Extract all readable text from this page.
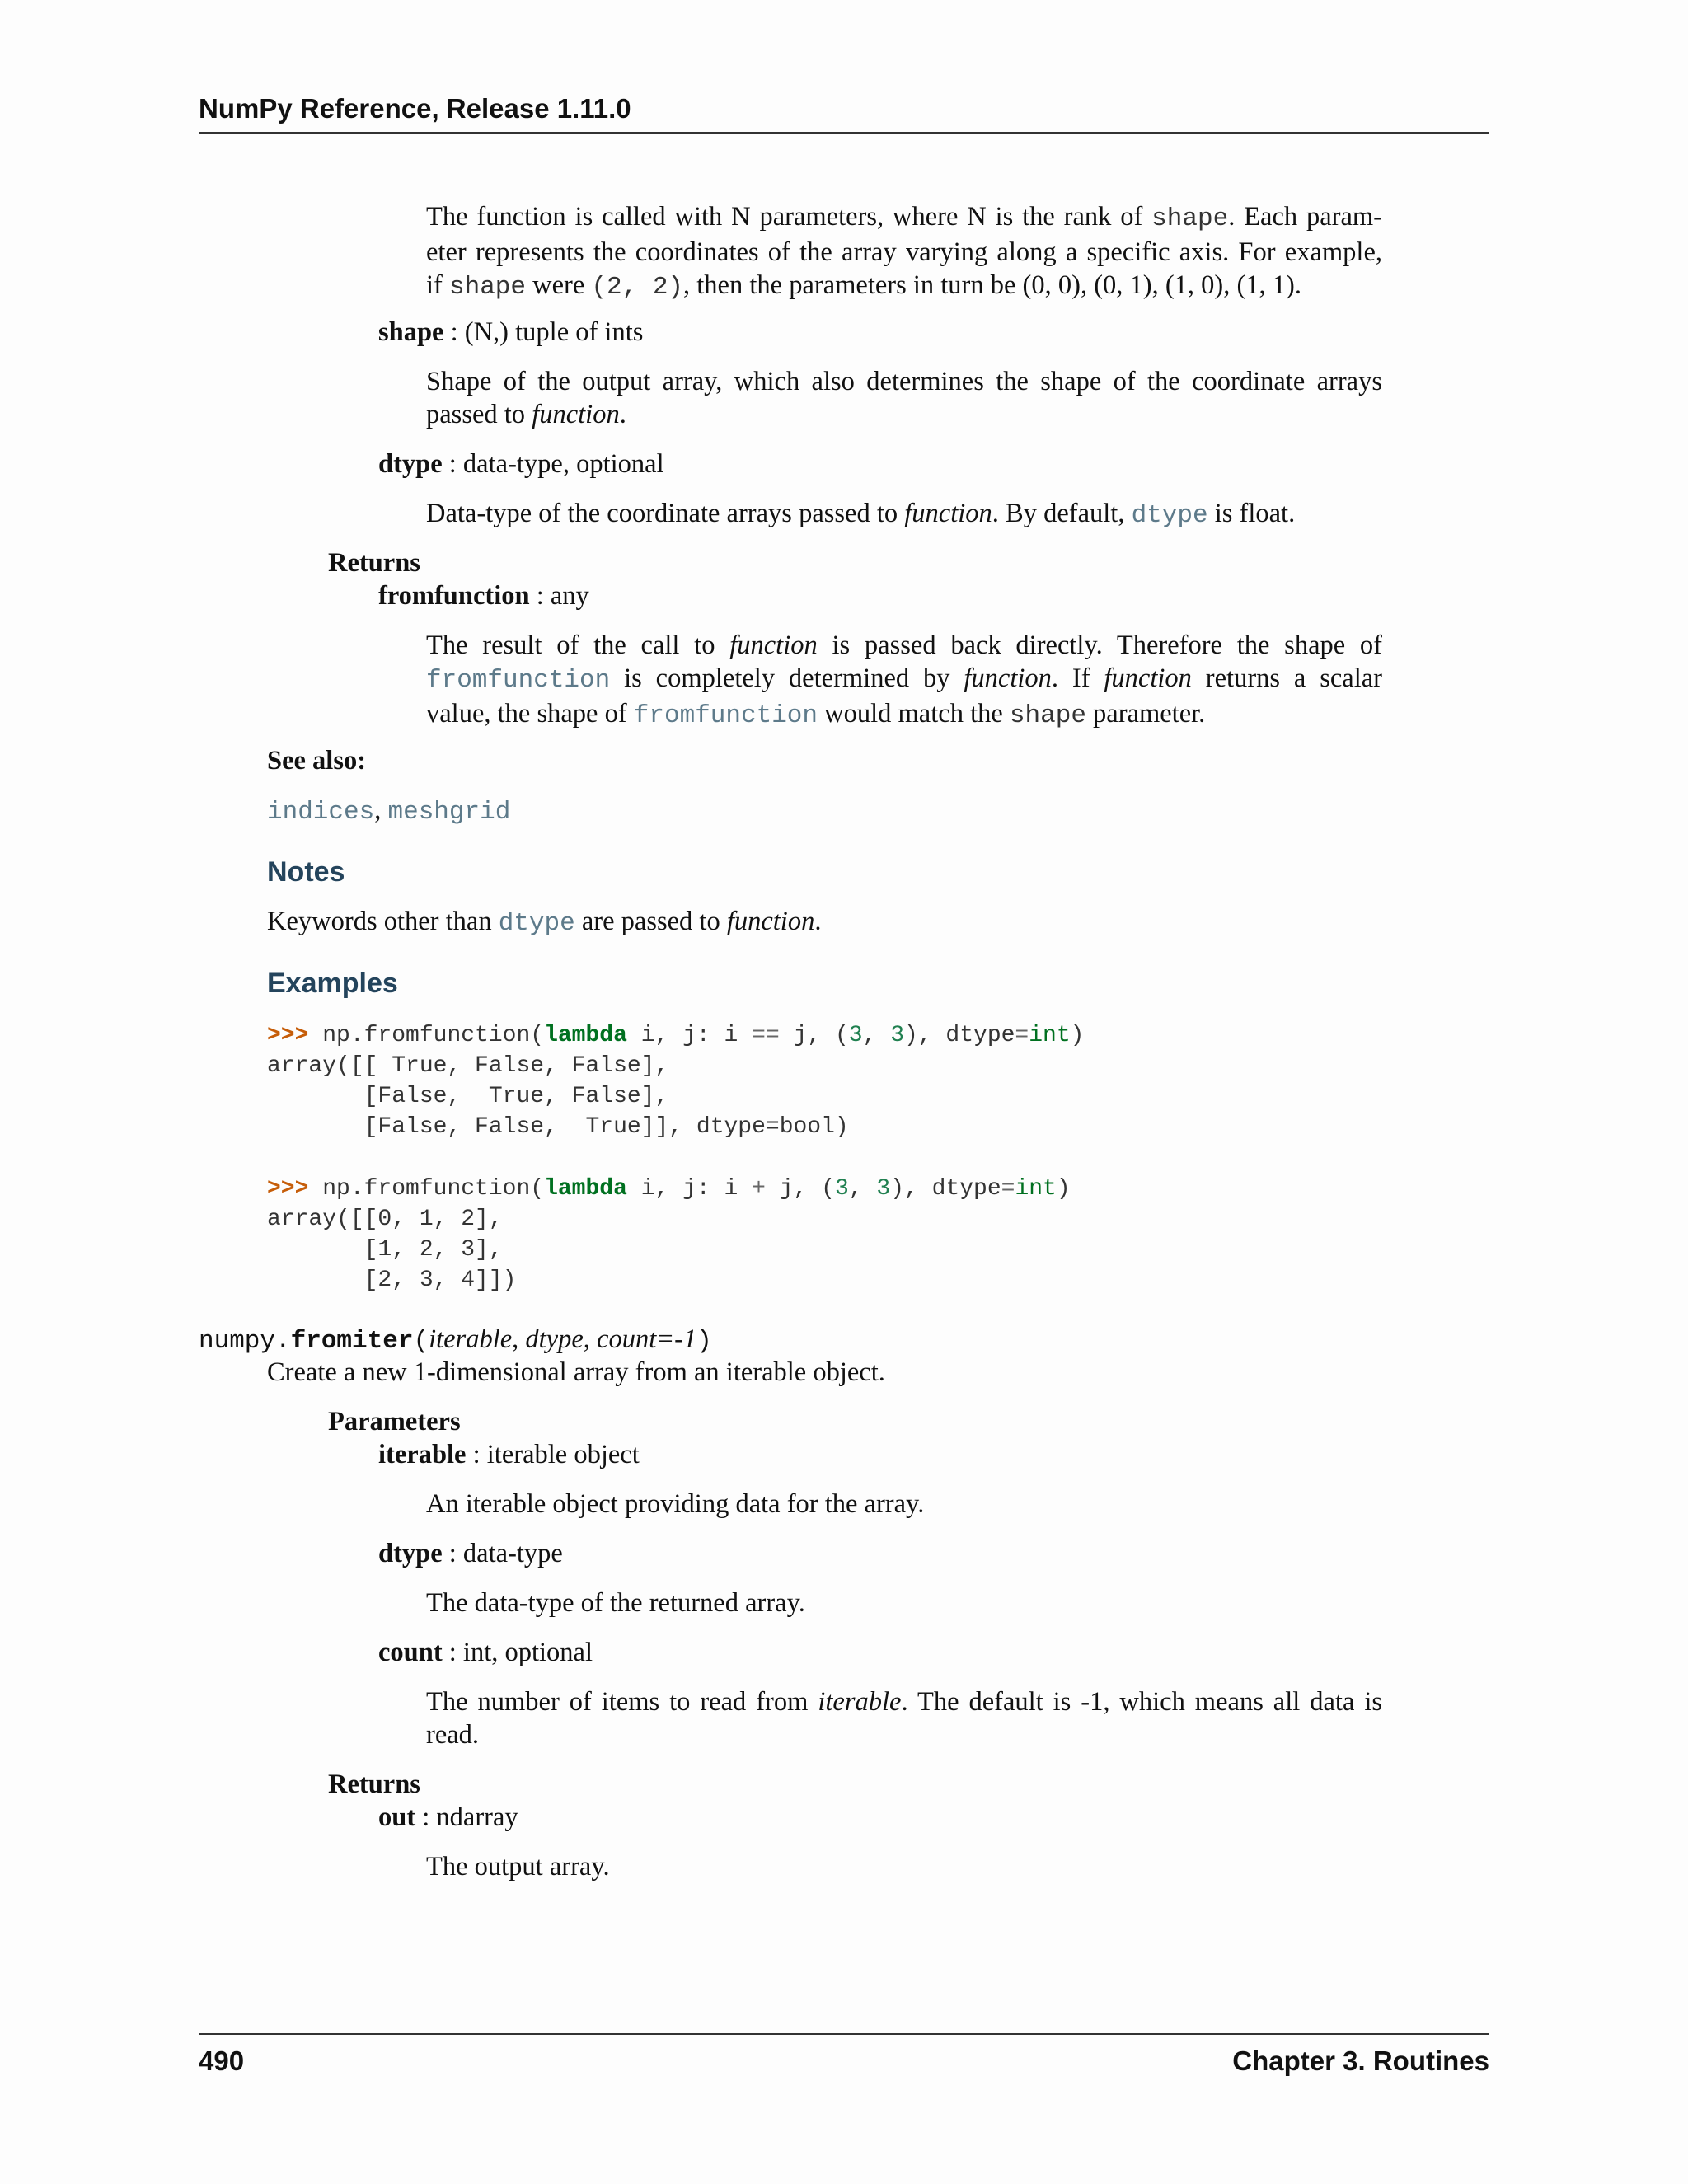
NumPy Reference, Release 1.11.0
The function is called with N parameters, where N is the rank of shape. Each param-
eter represents the coordinates of the array varying along a specific axis. For example,
if shape were (2, 2), then the parameters in turn be (0, 0), (0, 1), (1, 0), (1, 1).
shape : (N,) tuple of ints
Shape of the output array, which also determines the shape of the coordinate arrays passed to function.
dtype : data-type, optional
Data-type of the coordinate arrays passed to function. By default, dtype is float.
Returns
fromfunction : any
The result of the call to function is passed back directly. Therefore the shape of
fromfunction is completely determined by function. If function returns a scalar
value, the shape of fromfunction would match the shape parameter.
See also:
indices, meshgrid
Notes
Keywords other than dtype are passed to function.
Examples
>>> np.fromfunction(lambda i, j: i == j, (3, 3), dtype=int)
array([[ True, False, False],
[False,  True, False],
[False, False,  True]], dtype=bool)
>>> np.fromfunction(lambda i, j: i + j, (3, 3), dtype=int)
array([[0, 1, 2],
[1, 2, 3],
[2, 3, 4]])
numpy.fromiter(iterable, dtype, count=-1)
Create a new 1-dimensional array from an iterable object.
Parameters
iterable : iterable object
An iterable object providing data for the array.
dtype : data-type
The data-type of the returned array.
count : int, optional
The number of items to read from iterable. The default is -1, which means all data is read.
Returns
out : ndarray
The output array.
490	Chapter 3. Routines
